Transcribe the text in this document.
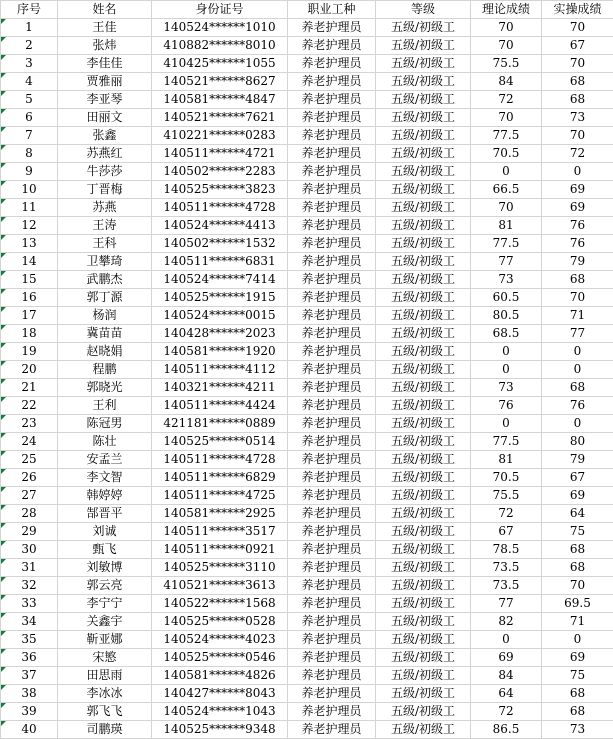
序号	姓名	身份证号	职业工种	等级	理论成绩	实操成绩

1	王佳	140524******1010	养老护理员	五级/初级工	70	70

2	张炜	410882******8010	养老护理员	五级/初级工	70	67

3	李佳佳	410425******1055	养老护理员	五级/初级工	75.5	70

4	贾雅丽	140521******8627	养老护理员	五级/初级工	84	68

5	李亚琴	140581******4847	养老护理员	五级/初级工	72	68

6	田丽文	140521******7621	养老护理员	五级/初级工	70	73

7	张鑫	410221******0283	养老护理员	五级/初级工	77.5	70

8	苏燕红	140511******4721	养老护理员	五级/初级工	70.5	72

9	牛莎莎	140502******2283	养老护理员	五级/初级工	0	0

10	丁晋梅	140525******3823	养老护理员	五级/初级工	66.5	69

11	苏燕	140511******4728	养老护理员	五级/初级工	70	69

12	王涛	140524******4413	养老护理员	五级/初级工	81	76

13	王科	140502******1532	养老护理员	五级/初级工	77.5	76

14	卫攀琦	140511******6831	养老护理员	五级/初级工	77	79

15	武鹏杰	140524******7414	养老护理员	五级/初级工	73	68

16	郭丁源	140525******1915	养老护理员	五级/初级工	60.5	70

17	杨润	140524******0015	养老护理员	五级/初级工	80.5	71

18	冀苗苗	140428******2023	养老护理员	五级/初级工	68.5	77

19	赵晓娟	140581******1920	养老护理员	五级/初级工	0	0

20	程鹏	140511******4112	养老护理员	五级/初级工	0	0

21	郭晓光	140321******4211	养老护理员	五级/初级工	73	68

22	王利	140511******4424	养老护理员	五级/初级工	76	76

23	陈冠男	421181******0889	养老护理员	五级/初级工	0	0

24	陈壮	140525******0514	养老护理员	五级/初级工	77.5	80

25	安孟兰	140511******4728	养老护理员	五级/初级工	81	79

26	李文智	140511******6829	养老护理员	五级/初级工	70.5	67

27	韩婷婷	140511******4725	养老护理员	五级/初级工	75.5	69

28	郜晋平	140581******2925	养老护理员	五级/初级工	72	64

29	刘诚	140511******3517	养老护理员	五级/初级工	67	75

30	甄飞	140511******0921	养老护理员	五级/初级工	78.5	68

31	刘敏博	140525******3110	养老护理员	五级/初级工	73.5	68

32	郭云亮	410521******3613	养老护理员	五级/初级工	73.5	70

33	李宁宁	140522******1568	养老护理员	五级/初级工	77	69.5

34	关鑫宇	140525******0528	养老护理员	五级/初级工	82	71

35	靳亚娜	140524******4023	养老护理员	五级/初级工	0	0

36	宋慜	140525******0546	养老护理员	五级/初级工	69	69

37	田思雨	140581******4826	养老护理员	五级/初级工	84	75

38	李冰冰	140427******8043	养老护理员	五级/初级工	64	68

39	郭飞飞	140524******1043	养老护理员	五级/初级工	72	68

40	司鹏瑛	140525******9348	养老护理员	五级/初级工	86.5	73
